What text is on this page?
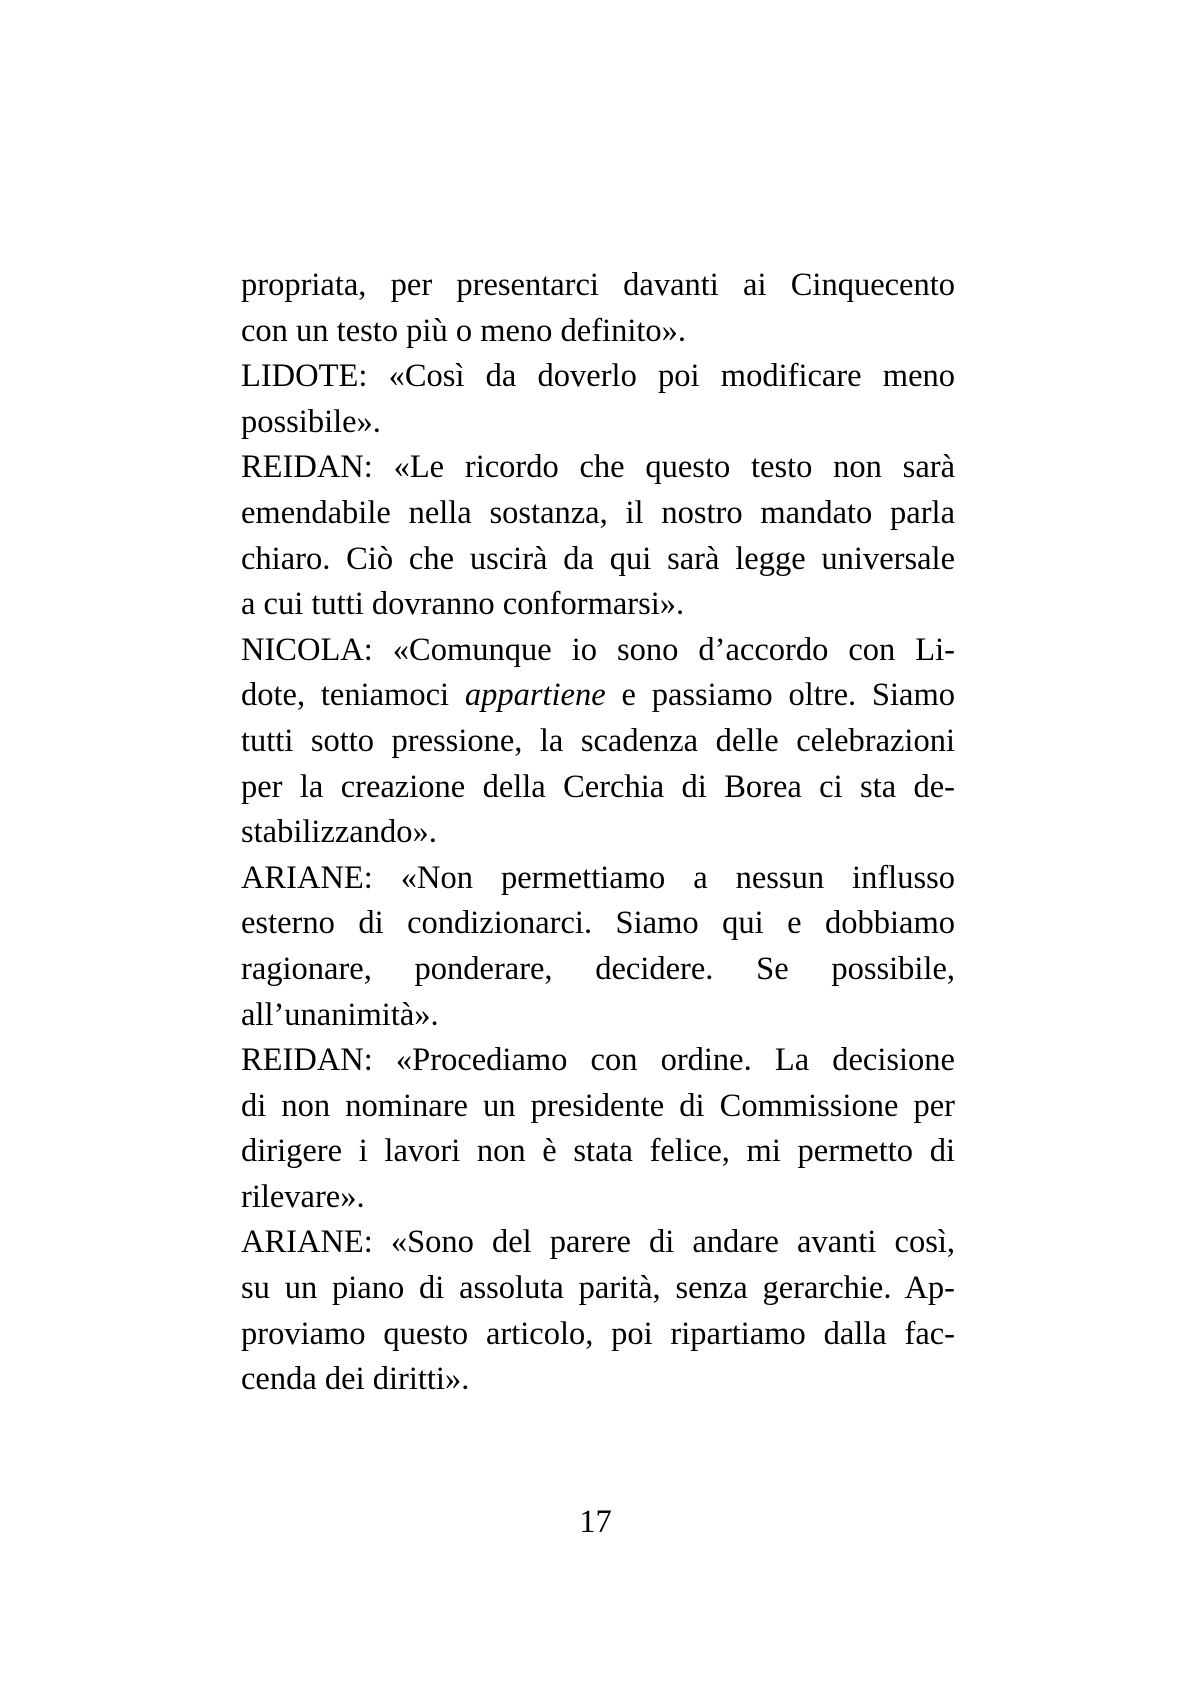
propriata, per presentarci davanti ai Cinquecento
con un testo più o meno definito».
LIDOTE: «Così da doverlo poi modificare meno
possibile».
REIDAN: «Le ricordo che questo testo non sarà
emendabile nella sostanza, il nostro mandato parla
chiaro. Ciò che uscirà da qui sarà legge universale
a cui tutti dovranno conformarsi».
NICOLA: «Comunque io sono d’accordo con Li-
dote, teniamoci appartiene e passiamo oltre. Siamo
tutti sotto pressione, la scadenza delle celebrazioni
per la creazione della Cerchia di Borea ci sta de-
stabilizzando».
ARIANE: «Non permettiamo a nessun influsso
esterno di condizionarci. Siamo qui e dobbiamo
ragionare, ponderare, decidere. Se possibile,
all’unanimità».
REIDAN: «Procediamo con ordine. La decisione
di non nominare un presidente di Commissione per
dirigere i lavori non è stata felice, mi permetto di
rilevare».
ARIANE: «Sono del parere di andare avanti così,
su un piano di assoluta parità, senza gerarchie. Ap-
proviamo questo articolo, poi ripartiamo dalla fac-
cenda dei diritti».
17
